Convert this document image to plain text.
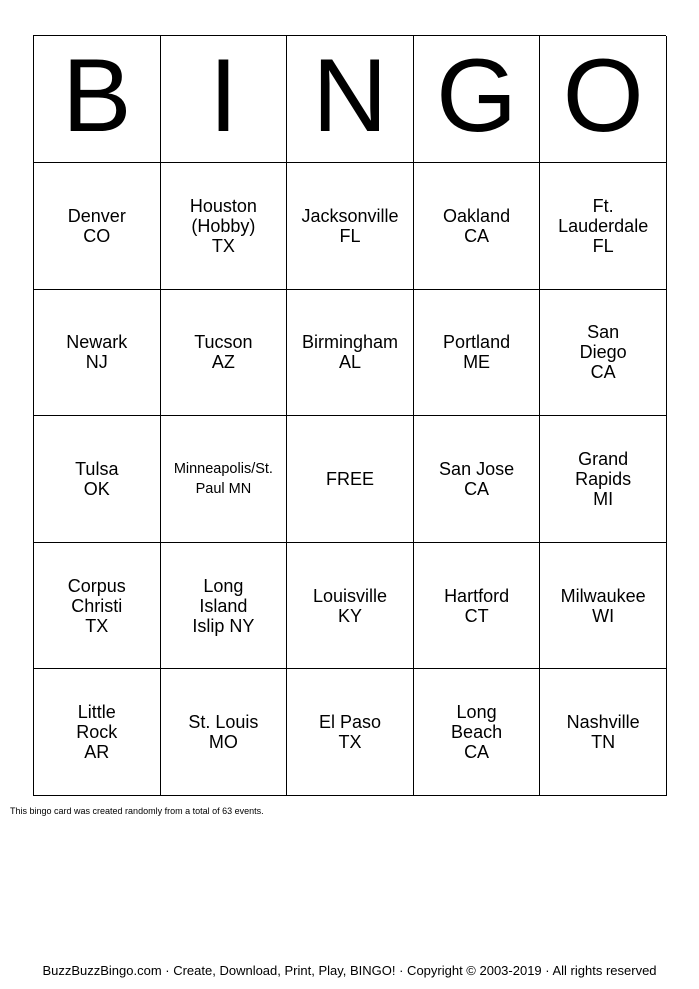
B I N G O
Denver
CO
Houston
(Hobby)
TX
Jacksonville
FL
Oakland
CA
Ft.
Lauderdale
FL
Newark
NJ
Tucson
AZ
Birmingham
AL
Portland
ME
San
Diego
CA
Tulsa
OK
Minneapolis/St.
Paul MN	FREE	San Jose
CA
Grand
Rapids
MI
Corpus
Christi
TX
Long
Island
Islip NY
Louisville
KY
Hartford
CT
Milwaukee
WI
Little
Rock
AR
St. Louis
MO
El Paso
TX
Long
Beach
CA
Nashville
TN
This bingo card was created randomly from a total of 63 events.
BuzzBuzzBingo.com · Create, Download, Print, Play, BINGO! · Copyright © 2003-2019 · All rights reserved
